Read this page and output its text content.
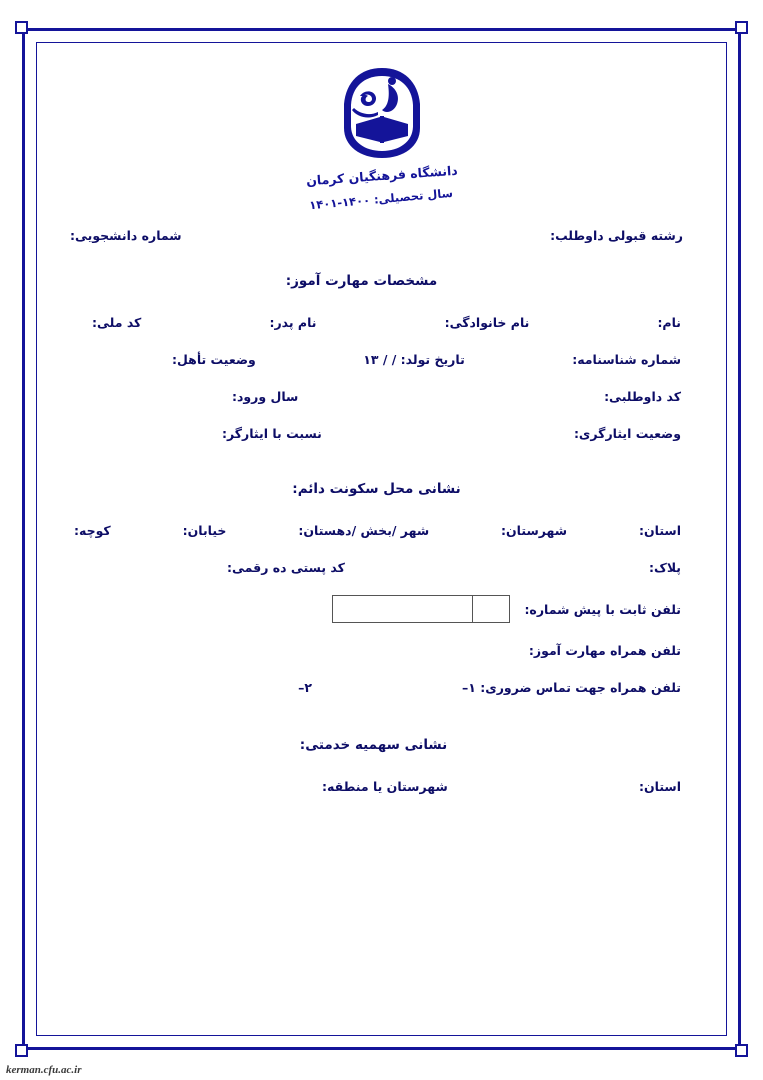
دانشگاه فرهنگیان کرمان
سال تحصیلی: ۱۴۰۰-۱۴۰۱
رشته قبولی داوطلب:
شماره دانشجویی:
مشخصات مهارت آموز:
نام:
نام خانوادگی:
نام پدر:
کد ملی:
شماره شناسنامه:
تاریخ تولد: / / ۱۳
وضعیت تأهل:
کد داوطلبی:
سال ورود:
وضعیت ایثارگری:
نسبت با ایثارگر:
نشانی محل سکونت دائم:
استان:
شهرستان:
شهر /بخش /دهستان:
خیابان:
کوچه:
پلاک:
کد پستی ده رقمی:
تلفن ثابت با پیش شماره:
تلفن همراه مهارت آموز:
تلفن همراه جهت تماس ضروری: ۱–
۲–
نشانی سهمیه خدمتی:
استان:
شهرستان یا منطقه:
kerman.cfu.ac.ir
